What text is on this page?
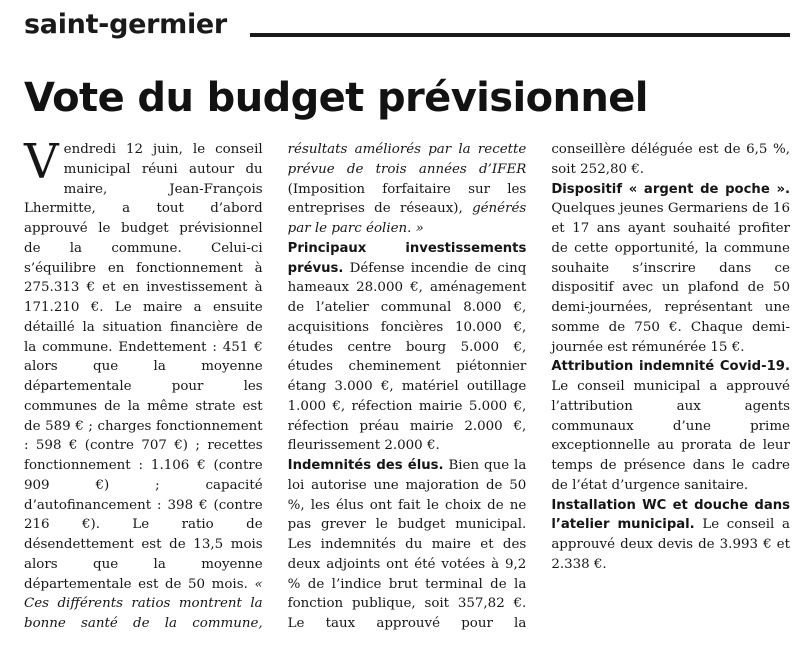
saint-germier
Vote du budget prévisionnel

Vendredi 12 juin, le conseil municipal réuni autour du maire, Jean-François Lhermitte, a tout d’abord approuvé le budget prévisionnel de la commune. Celui-ci s’équilibre en fonctionnement à 275.313 € et en investissement à 171.210 €. Le maire a ensuite détaillé la situation financière de la commune. Endettement : 451 € alors que la moyenne départementale pour les communes de la même strate est de 589 € ; charges fonctionnement : 598 € (contre 707 €) ; recettes fonctionnement : 1.106 € (contre 909 €) ; capacité d’autofinancement : 398 € (contre 216 €). Le ratio de désendettement est de 13,5 mois alors que la moyenne départementale est de 50 mois. « Ces différents ratios montrent la bonne santé de la commune, résultats améliorés par la recette prévue de trois années d’IFER (Imposition forfaitaire sur les entreprises de réseaux), générés par le parc éolien. »

Principaux investissements prévus. Défense incendie de cinq hameaux 28.000 €, aménagement de l’atelier communal 8.000 €, acquisitions foncières 10.000 €, études centre bourg 5.000 €, études cheminement piétonnier étang 3.000 €, matériel outillage 1.000 €, réfection mairie 5.000 €, réfection préau mairie 2.000 €, fleurissement 2.000 €.

Indemnités des élus. Bien que la loi autorise une majoration de 50 %, les élus ont fait le choix de ne pas grever le budget municipal. Les indemnités du maire et des deux adjoints ont été votées à 9,2 % de l’indice brut terminal de la fonction publique, soit 357,82 €. Le taux approuvé pour la conseillère déléguée est de 6,5 %, soit 252,80 €.

Dispositif « argent de poche ». Quelques jeunes Germariens de 16 et 17 ans ayant souhaité profiter de cette opportunité, la commune souhaite s’inscrire dans ce dispositif avec un plafond de 50 demi-journées, représentant une somme de 750 €. Chaque demi-journée est rémunérée 15 €.

Attribution indemnité Covid-19. Le conseil municipal a approuvé l’attribution aux agents communaux d’une prime exceptionnelle au prorata de leur temps de présence dans le cadre de l’état d’urgence sanitaire.

Installation WC et douche dans l’atelier municipal. Le conseil a approuvé deux devis de 3.993 € et 2.338 €.
